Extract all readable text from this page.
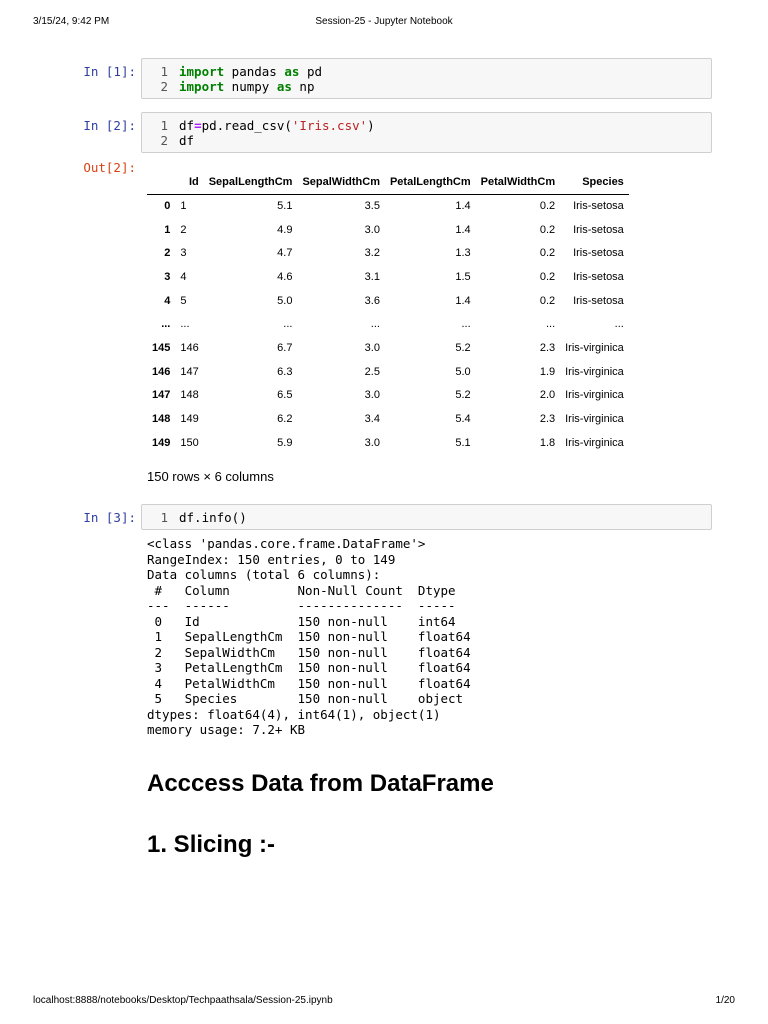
3/15/24, 9:42 PM	Session-25 - Jupyter Notebook
In [1]:	1 import pandas as pd
2 import numpy as np
In [2]:	1 df=pd.read_csv('Iris.csv')
2 df
Out[2]:
	Id	SepalLengthCm	SepalWidthCm	PetalLengthCm	PetalWidthCm	Species
0	1	5.1	3.5	1.4	0.2	Iris-setosa
1	2	4.9	3.0	1.4	0.2	Iris-setosa
2	3	4.7	3.2	1.3	0.2	Iris-setosa
3	4	4.6	3.1	1.5	0.2	Iris-setosa
4	5	5.0	3.6	1.4	0.2	Iris-setosa
...	...	...	...	...	...	...
145	146	6.7	3.0	5.2	2.3	Iris-virginica
146	147	6.3	2.5	5.0	1.9	Iris-virginica
147	148	6.5	3.0	5.2	2.0	Iris-virginica
148	149	6.2	3.4	5.4	2.3	Iris-virginica
149	150	5.9	3.0	5.1	1.8	Iris-virginica
150 rows × 6 columns
In [3]:	1 df.info()
<class 'pandas.core.frame.DataFrame'>
RangeIndex: 150 entries, 0 to 149
Data columns (total 6 columns):
#   Column         Non-Null Count  Dtype
---  ------         --------------  -----
0   Id             150 non-null    int64
1   SepalLengthCm  150 non-null    float64
2   SepalWidthCm   150 non-null    float64
3   PetalLengthCm  150 non-null    float64
4   PetalWidthCm   150 non-null    float64
5   Species        150 non-null    object
dtypes: float64(4), int64(1), object(1)
memory usage: 7.2+ KB
Acccess Data from DataFrame
1. Slicing :-
localhost:8888/notebooks/Desktop/Techpaathsala/Session-25.ipynb	1/20
